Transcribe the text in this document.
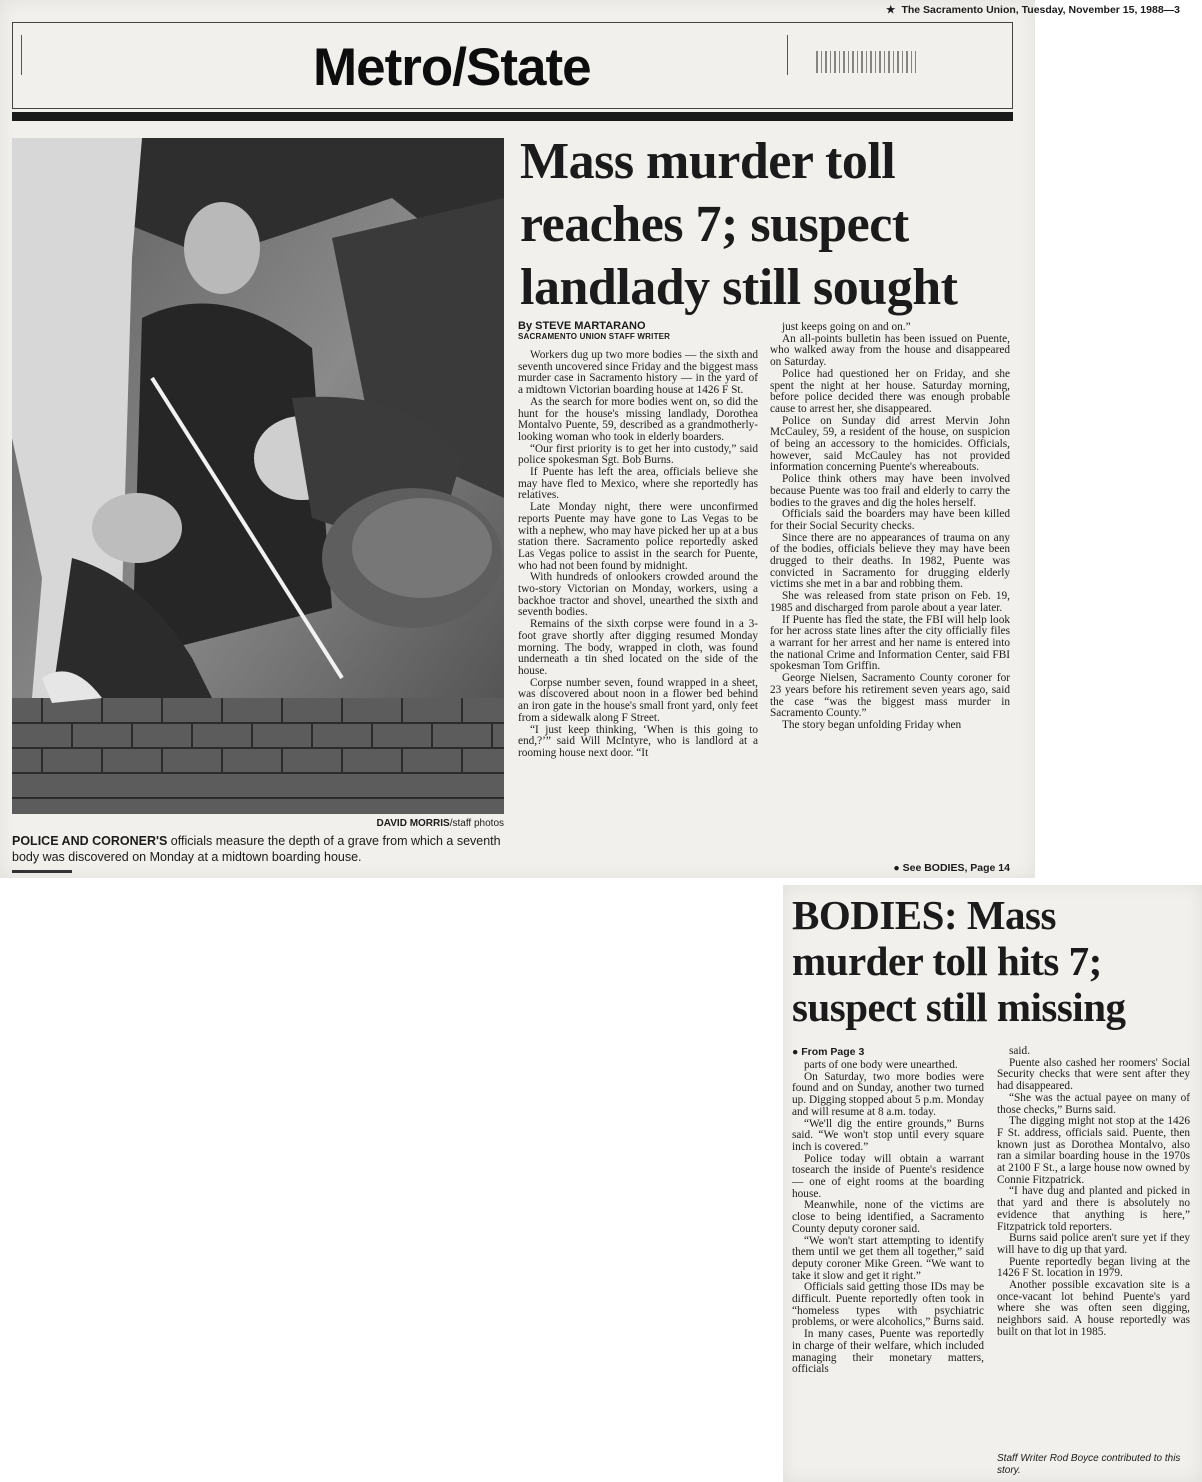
★ The Sacramento Union, Tuesday, November 15, 1988—3
Metro/State
DAVID MORRIS/staff photos
POLICE AND CORONER'S officials measure the depth of a grave from which a seventh body was discovered on Monday at a midtown boarding house.
Mass murder toll
reaches 7; suspect
landlady still sought
By STEVE MARTARANO
SACRAMENTO UNION STAFF WRITER

Workers dug up two more bodies — the sixth and seventh uncovered since Friday and the biggest mass murder case in Sacramento history — in the yard of a midtown Victorian boarding house at 1426 F St.

As the search for more bodies went on, so did the hunt for the house's missing landlady, Dorothea Montalvo Puente, 59, described as a grandmotherly-looking woman who took in elderly boarders.

“Our first priority is to get her into custody,” said police spokesman Sgt. Bob Burns.

If Puente has left the area, officials believe she may have fled to Mexico, where she reportedly has relatives.

Late Monday night, there were unconfirmed reports Puente may have gone to Las Vegas to be with a nephew, who may have picked her up at a bus station there. Sacramento police reportedly asked Las Vegas police to assist in the search for Puente, who had not been found by midnight.

With hundreds of onlookers crowded around the two-story Victorian on Monday, workers, using a backhoe tractor and shovel, unearthed the sixth and seventh bodies.

Remains of the sixth corpse were found in a 3-foot grave shortly after digging resumed Monday morning. The body, wrapped in cloth, was found underneath a tin shed located on the side of the house.

Corpse number seven, found wrapped in a sheet, was discovered about noon in a flower bed behind an iron gate in the house's small front yard, only feet from a sidewalk along F Street.

“I just keep thinking, ‘When is this going to end,?’” said Will McIntyre, who is landlord at a rooming house next door. “It

just keeps going on and on.”

An all-points bulletin has been issued on Puente, who walked away from the house and disappeared on Saturday.

Police had questioned her on Friday, and she spent the night at her house. Saturday morning, before police decided there was enough probable cause to arrest her, she disappeared.

Police on Sunday did arrest Mervin John McCauley, 59, a resident of the house, on suspicion of being an accessory to the homicides. Officials, however, said McCauley has not provided information concerning Puente's whereabouts.

Police think others may have been involved because Puente was too frail and elderly to carry the bodies to the graves and dig the holes herself.

Officials said the boarders may have been killed for their Social Security checks.

Since there are no appearances of trauma on any of the bodies, officials believe they may have been drugged to their deaths. In 1982, Puente was convicted in Sacramento for drugging elderly victims she met in a bar and robbing them.

She was released from state prison on Feb. 19, 1985 and discharged from parole about a year later.

If Puente has fled the state, the FBI will help look for her across state lines after the city officially files a warrant for her arrest and her name is entered into the national Crime and Information Center, said FBI spokesman Tom Griffin.

George Nielsen, Sacramento County coroner for 23 years before his retirement seven years ago, said the case “was the biggest mass murder in Sacramento County.”

The story began unfolding Friday when

● See BODIES, Page 14
BODIES: Mass
murder toll hits 7;
suspect still missing
● From Page 3

parts of one body were unearthed.

On Saturday, two more bodies were found and on Sunday, another two turned up. Digging stopped about 5 p.m. Monday and will resume at 8 a.m. today.

“We'll dig the entire grounds,” Burns said. “We won't stop until every square inch is covered.”

Police today will obtain a warrant tosearch the inside of Puente's residence — one of eight rooms at the boarding house.

Meanwhile, none of the victims are close to being identified, a Sacramento County deputy coroner said.

“We won't start attempting to identify them until we get them all together,” said deputy coroner Mike Green. “We want to take it slow and get it right.”

Officials said getting those IDs may be difficult. Puente reportedly often took in “homeless types with psychiatric problems, or were alcoholics,” Burns said.

In many cases, Puente was reportedly in charge of their welfare, which included managing their monetary matters, officials

said.

Puente also cashed her roomers' Social Security checks that were sent after they had disappeared.

“She was the actual payee on many of those checks,” Burns said.

The digging might not stop at the 1426 F St. address, officials said. Puente, then known just as Dorothea Montalvo, also ran a similar boarding house in the 1970s at 2100 F St., a large house now owned by Connie Fitzpatrick.

“I have dug and planted and picked in that yard and there is absolutely no evidence that anything is here,” Fitzpatrick told reporters.

Burns said police aren't sure yet if they will have to dig up that yard.

Puente reportedly began living at the 1426 F St. location in 1979.

Another possible excavation site is a once-vacant lot behind Puente's yard where she was often seen digging, neighbors said. A house reportedly was built on that lot in 1985.

Staff Writer Rod Boyce contributed to this story.
